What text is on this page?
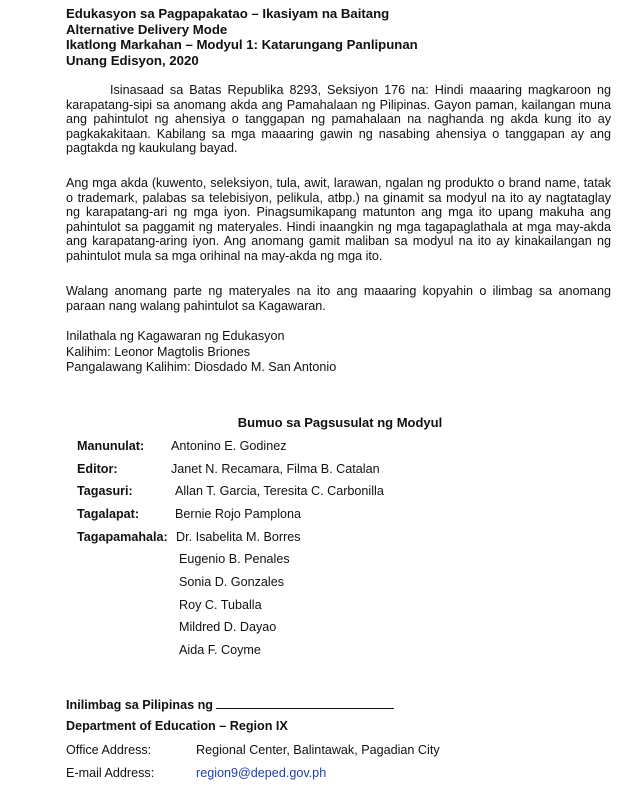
Edukasyon sa Pagpapakatao – Ikasiyam na Baitang
Alternative Delivery Mode
Ikatlong Markahan – Modyul 1: Katarungang Panlipunan
Unang Edisyon, 2020

Isinasaad sa Batas Republika 8293, Seksiyon 176 na: Hindi maaaring magkaroon ng karapatang-sipi sa anomang akda ang Pamahalaan ng Pilipinas. Gayon paman, kailangan muna ang pahintulot ng ahensiya o tanggapan ng pamahalaan na naghanda ng akda kung ito ay pagkakakitaan. Kabilang sa mga maaaring gawin ng nasabing ahensiya o tanggapan ay ang pagtakda ng kaukulang bayad.

Ang mga akda (kuwento, seleksiyon, tula, awit, larawan, ngalan ng produkto o brand name, tatak o trademark, palabas sa telebisiyon, pelikula, atbp.) na ginamit sa modyul na ito ay nagtataglay ng karapatang-ari ng mga iyon. Pinagsumikapang matunton ang mga ito upang makuha ang pahintulot sa paggamit ng materyales. Hindi inaangkin ng mga tagapaglathala at mga may-akda ang karapatang-aring iyon. Ang anomang gamit maliban sa modyul na ito ay kinakailangan ng pahintulot mula sa mga orihinal na may-akda ng mga ito.

Walang anomang parte ng materyales na ito ang maaaring kopyahin o ilimbag sa anomang paraan nang walang pahintulot sa Kagawaran.

Inilathala ng Kagawaran ng Edukasyon
Kalihim: Leonor Magtolis Briones
Pangalawang Kalihim: Diosdado M. San Antonio
Bumuo sa Pagsusulat ng Modyul
Manunulat: Antonino E. Godinez
Editor:	Janet N. Recamara, Filma B. Catalan
Tagasuri:	Allan T. Garcia, Teresita C. Carbonilla
Tagalapat:	Bernie Rojo Pamplona
Tagapamahala: Dr. Isabelita M. Borres
Eugenio B. Penales
Sonia D. Gonzales
Roy C. Tuballa
Mildred D. Dayao
Aida F. Coyme
Inilimbag sa Pilipinas ng
Department of Education – Region IX
Office Address:	Regional Center, Balintawak, Pagadian City
E-mail Address:	region9@deped.gov.ph
